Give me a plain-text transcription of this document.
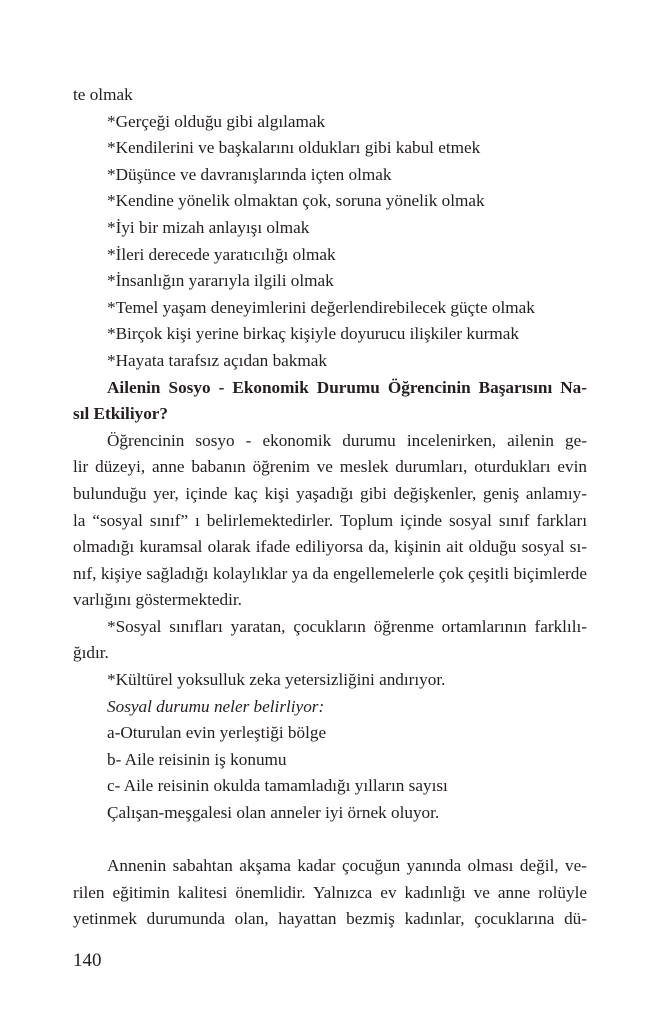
te olmak
*Gerçeği olduğu gibi algılamak
*Kendilerini ve başkalarını oldukları gibi kabul etmek
*Düşünce ve davranışlarında içten olmak
*Kendine yönelik olmaktan çok, soruna yönelik olmak
*İyi bir mizah anlayışı olmak
*İleri derecede yaratıcılığı olmak
*İnsanlığın yararıyla ilgili olmak
*Temel yaşam deneyimlerini değerlendirebilecek güçte olmak
*Birçok kişi yerine birkaç kişiyle doyurucu ilişkiler kurmak
*Hayata tarafsız açıdan bakmak
Ailenin Sosyo - Ekonomik Durumu Öğrencinin Başarısını Na-
sıl Etkiliyor?
Öğrencinin sosyo - ekonomik durumu incelenirken, ailenin ge-
lir düzeyi, anne babanın öğrenim ve meslek durumları, oturdukları evin
bulunduğu yer, içinde kaç kişi yaşadığı gibi değişkenler, geniş anlamıy-
la “sosyal sınıf” ı belirlemektedirler. Toplum içinde sosyal sınıf farkları
olmadığı kuramsal olarak ifade ediliyorsa da, kişinin ait olduğu sosyal sı-
nıf, kişiye sağladığı kolaylıklar ya da engellemelerle çok çeşitli biçimlerde
varlığını göstermektedir.
*Sosyal sınıfları yaratan, çocukların öğrenme ortamlarının farklılı-
ğıdır.
*Kültürel yoksulluk zeka yetersizliğini andırıyor.
Sosyal durumu neler belirliyor:
a-Oturulan evin yerleştiği bölge
b- Aile reisinin iş konumu
c- Aile reisinin okulda tamamladığı yılların sayısı
Çalışan-meşgalesi olan anneler iyi örnek oluyor.
Annenin sabahtan akşama kadar çocuğun yanında olması değil, ve-
rilen eğitimin kalitesi önemlidir. Yalnızca ev kadınlığı ve anne rolüyle
yetinmek durumunda olan, hayattan bezmiş kadınlar, çocuklarına dü-
140
